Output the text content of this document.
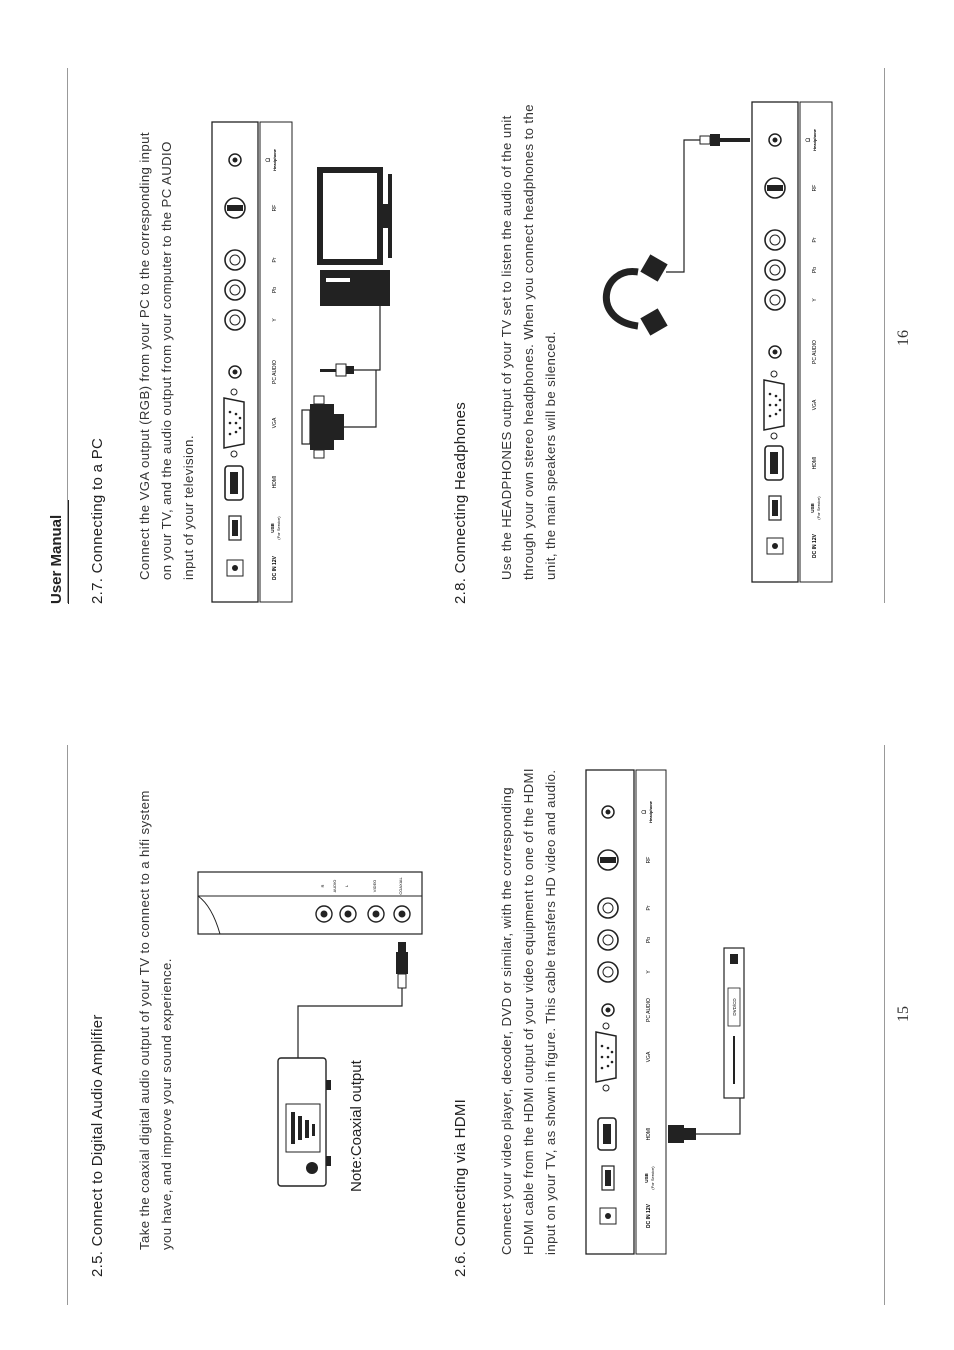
User Manual
15
16
2.5. Connect to Digital Audio Amplifier Take the coaxial digital audio output of your TV to connect to a hifi system you have, and improve your sound experience.	2.6. Connecting via HDMI Connect your video player, decoder, DVD or similar, with the corresponding HDMI cable from the HDMI output of your video equipment to one of the HDMI input on your TV, as shown in figure. This cable transfers HD video and audio.
2.7. Connecting to a PC Connect the VGA output (RGB) from your PC to the corresponding input on your TV, and the audio output from your computer to the PC AUDIO input of your television.	2.8. Connecting Headphones Use the HEADPHONES output of your TV set to listen the audio of the unit through your own stereo headphones. When you connect headphones to the unit, the main speakers will be silenced.
Note:Coaxial output
R AUDIO L	VIDEO	COAXIAL
DC IN 12V
USB (For Service)
HDMI
VGA
PC AUDIO
Y
Pb
Pr
RF
Ω Headphone
DVD/CD
DC IN 12V
USB (For Service)
HDMI
VGA
PC AUDIO
Y
Pb
Pr
RF
Ω Headphone
DC IN 12V
USB (For Service)
HDMI
VGA
PC AUDIO
Y
Pb
Pr
RF
Ω Headphone
